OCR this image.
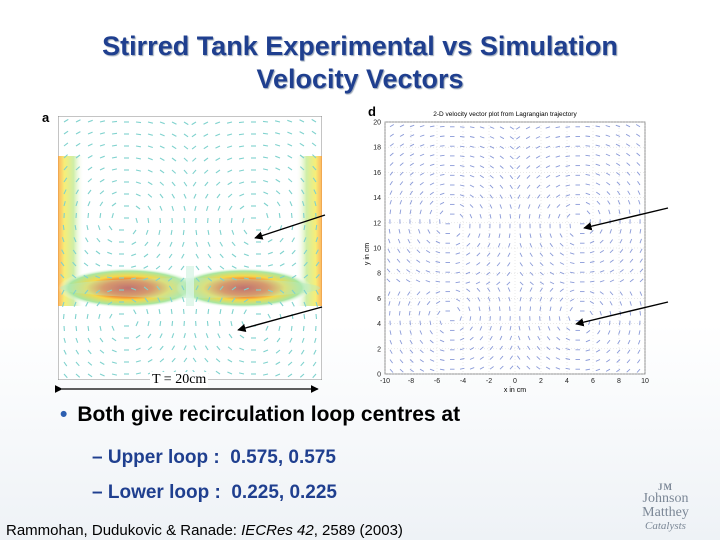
Stirred Tank Experimental vs Simulation
Velocity Vectors
a	d
T = 20cm
2-D velocity vector plot from Lagrangian trajectory
-10	-8	-6	-4	-2	0	2	4	6	8	10
0
2
4
6
8
10
12
14
16
18
20
x in cm
y in cm
• Both give recirculation loop centres at
– Upper loop :  0.575, 0.575
– Lower loop :  0.225, 0.225
Rammohan, Dudukovic & Ranade: IECRes 42, 2589 (2003)
JM
Johnson Matthey
Catalysts
